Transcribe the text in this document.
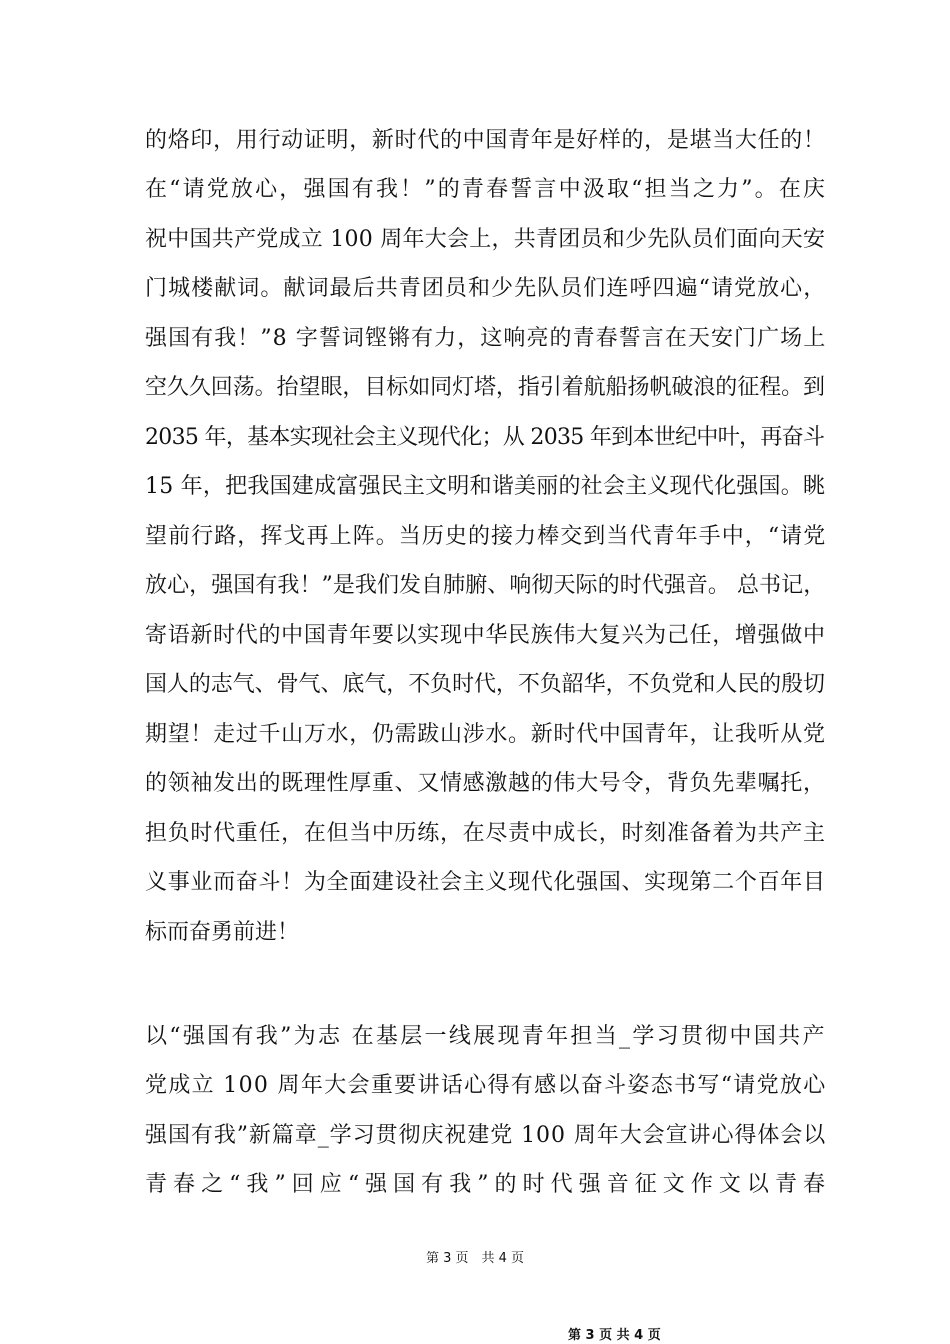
的烙印，用行动证明，新时代的中国青年是好样的，是堪当大任的！
在“请党放心，强国有我！”的青春誓言中汲取“担当之力”。在庆
祝中国共产党成立 100 周年大会上，共青团员和少先队员们面向天安
门城楼献词。献词最后共青团员和少先队员们连呼四遍“请党放心，
强国有我！”8 字誓词铿锵有力，这响亮的青春誓言在天安门广场上
空久久回荡。抬望眼，目标如同灯塔，指引着航船扬帆破浪的征程。到
2035 年，基本实现社会主义现代化；从 2035 年到本世纪中叶，再奋斗
15 年，把我国建成富强民主文明和谐美丽的社会主义现代化强国。眺
望前行路，挥戈再上阵。当历史的接力棒交到当代青年手中，“请党
放心，强国有我！”是我们发自肺腑、响彻天际的时代强音。 总书记，
寄语新时代的中国青年要以实现中华民族伟大复兴为己任，增强做中
国人的志气、骨气、底气，不负时代，不负韶华，不负党和人民的殷切
期望！走过千山万水，仍需跋山涉水。新时代中国青年，让我听从党
的领袖发出的既理性厚重、又情感激越的伟大号令，背负先辈嘱托，
担负时代重任，在但当中历练，在尽责中成长，时刻准备着为共产主
义事业而奋斗！为全面建设社会主义现代化强国、实现第二个百年目
标而奋勇前进！
以“强国有我”为志 在基层一线展现青年担当_学习贯彻中国共产
党成立 100 周年大会重要讲话心得有感以奋斗姿态书写“请党放心
强国有我”新篇章_学习贯彻庆祝建党 100 周年大会宣讲心得体会以
青春之“我”回应“强国有我”的时代强音征文作文以青春
第 3 页　共 4 页
第 3 页 共 4 页
